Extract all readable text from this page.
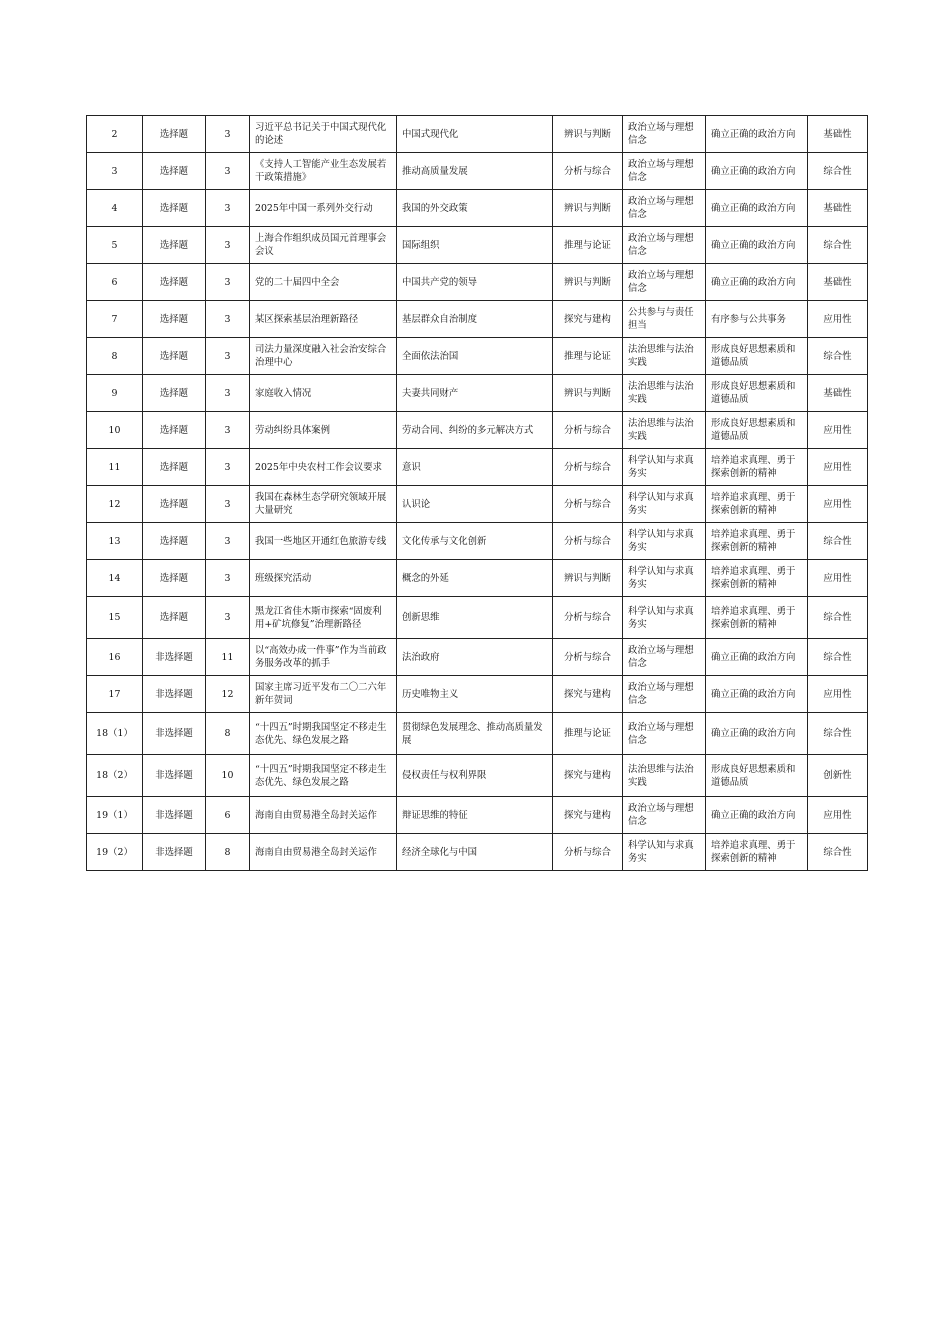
2	选择题	3	习近平总书记关于中国式现代化的论述	中国式现代化	辨识与判断	政治立场与理想信念	确立正确的政治方向	基础性
3	选择题	3	《支持人工智能产业生态发展若干政策措施》	推动高质量发展	分析与综合	政治立场与理想信念	确立正确的政治方向	综合性
4	选择题	3	2025年中国一系列外交行动	我国的外交政策	辨识与判断	政治立场与理想信念	确立正确的政治方向	基础性
5	选择题	3	上海合作组织成员国元首理事会会议	国际组织	推理与论证	政治立场与理想信念	确立正确的政治方向	综合性
6	选择题	3	党的二十届四中全会	中国共产党的领导	辨识与判断	政治立场与理想信念	确立正确的政治方向	基础性
7	选择题	3	某区探索基层治理新路径	基层群众自治制度	探究与建构	公共参与与责任担当	有序参与公共事务	应用性
8	选择题	3	司法力量深度融入社会治安综合治理中心	全面依法治国	推理与论证	法治思维与法治实践	形成良好思想素质和道德品质	综合性
9	选择题	3	家庭收入情况	夫妻共同财产	辨识与判断	法治思维与法治实践	形成良好思想素质和道德品质	基础性
10	选择题	3	劳动纠纷具体案例	劳动合同、纠纷的多元解决方式	分析与综合	法治思维与法治实践	形成良好思想素质和道德品质	应用性
11	选择题	3	2025年中央农村工作会议要求	意识	分析与综合	科学认知与求真务实	培养追求真理、勇于探索创新的精神	应用性
12	选择题	3	我国在森林生态学研究领域开展大量研究	认识论	分析与综合	科学认知与求真务实	培养追求真理、勇于探索创新的精神	应用性
13	选择题	3	我国一些地区开通红色旅游专线	文化传承与文化创新	分析与综合	科学认知与求真务实	培养追求真理、勇于探索创新的精神	综合性
14	选择题	3	班级探究活动	概念的外延	辨识与判断	科学认知与求真务实	培养追求真理、勇于探索创新的精神	应用性
15	选择题	3	黑龙江省佳木斯市探索“固废利用+矿坑修复”治理新路径	创新思维	分析与综合	科学认知与求真务实	培养追求真理、勇于探索创新的精神	综合性
16	非选择题	11	以“高效办成一件事”作为当前政务服务改革的抓手	法治政府	分析与综合	政治立场与理想信念	确立正确的政治方向	综合性
17	非选择题	12	国家主席习近平发布二〇二六年新年贺词	历史唯物主义	探究与建构	政治立场与理想信念	确立正确的政治方向	应用性
18（1）	非选择题	8	“十四五”时期我国坚定不移走生态优先、绿色发展之路	贯彻绿色发展理念、推动高质量发展	推理与论证	政治立场与理想信念	确立正确的政治方向	综合性
18（2）	非选择题	10	“十四五”时期我国坚定不移走生态优先、绿色发展之路	侵权责任与权利界限	探究与建构	法治思维与法治实践	形成良好思想素质和道德品质	创新性
19（1）	非选择题	6	海南自由贸易港全岛封关运作	辩证思维的特征	探究与建构	政治立场与理想信念	确立正确的政治方向	应用性
19（2）	非选择题	8	海南自由贸易港全岛封关运作	经济全球化与中国	分析与综合	科学认知与求真务实	培养追求真理、勇于探索创新的精神	综合性
